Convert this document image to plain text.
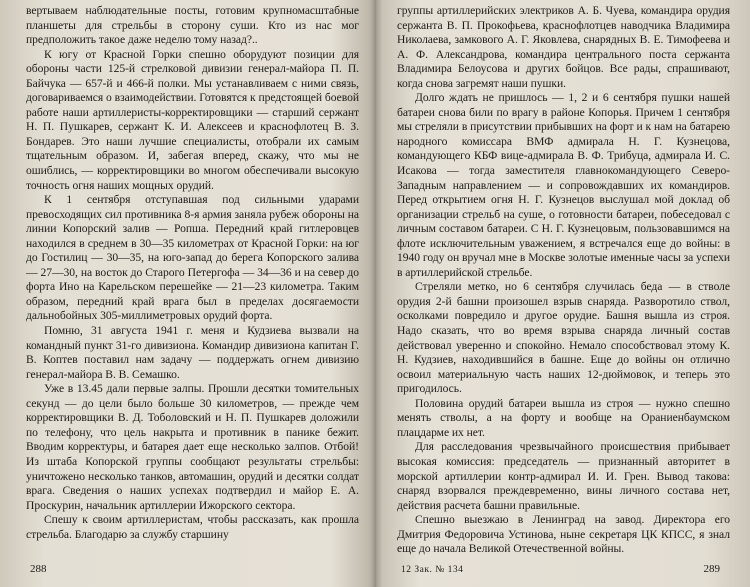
вертываем наблюдательные посты, готовим крупномасштабные планшеты для стрельбы в сторону суши. Кто из нас мог предположить такое даже неделю тому назад?..

К югу от Красной Горки спешно оборудуют позиции для обороны части 125-й стрелковой дивизии генерал-майора П. П. Байчука — 657-й и 466-й полки. Мы устанавливаем с ними связь, договариваемся о взаимодействии. Готовятся к предстоящей боевой работе наши артиллеристы-корректировщики — старший сержант Н. П. Пушкарев, сержант К. И. Алексеев и краснофлотец В. З. Бондарев. Это наши лучшие специалисты, отобрали их самым тщательным образом. И, забегая вперед, скажу, что мы не ошиблись, — корректировщики во многом обеспечивали высокую точность огня наших мощных орудий.

К 1 сентября отступавшая под сильными ударами превосходящих сил противника 8-я армия заняла рубеж обороны на линии Копорский залив — Ропша. Передний край гитлеровцев находился в среднем в 30—35 километрах от Красной Горки: на юг до Гостилиц — 30—35, на юго-запад до берега Копорского залива — 27—30, на восток до Старого Петергофа — 34—36 и на север до форта Ино на Карельском перешейке — 21—23 километра. Таким образом, передний край врага был в пределах досягаемости дальнобойных 305-миллиметровых орудий форта.

Помню, 31 августа 1941 г. меня и Кудзиева вызвали на командный пункт 31-го дивизиона. Командир дивизиона капитан Г. В. Коптев поставил нам задачу — поддержать огнем дивизию генерал-майора В. В. Семашко.

Уже в 13.45 дали первые залпы. Прошли десятки томительных секунд — до цели было больше 30 километров, — прежде чем корректировщики В. Д. Тоболовский и Н. П. Пушкарев доложили по телефону, что цель накрыта и противник в панике бежит. Вводим корректуры, и батарея дает еще несколько залпов. Отбой! Из штаба Копорской группы сообщают результаты стрельбы: уничтожено несколько танков, автомашин, орудий и десятки солдат врага. Сведения о наших успехах подтвердил и майор Е. А. Проскурин, начальник артиллерии Ижорского сектора.

Спешу к своим артиллеристам, чтобы рассказать, как прошла стрельба. Благодарю за службу старшину

288

группы артиллерийских электриков А. Б. Чуева, командира орудия сержанта В. П. Прокофьева, краснофлотцев наводчика Владимира Николаева, замкового А. Г. Яковлева, снарядных В. Е. Тимофеева и А. Ф. Александрова, командира центрального поста сержанта Владимира Белоусова и других бойцов. Все рады, спрашивают, когда снова загремят наши пушки.

Долго ждать не пришлось — 1, 2 и 6 сентября пушки нашей батареи снова били по врагу в районе Копорья. Причем 1 сентября мы стреляли в присутствии прибывших на форт и к нам на батарею народного комиссара ВМФ адмирала Н. Г. Кузнецова, командующего КБФ вице-адмирала В. Ф. Трибуца, адмирала И. С. Исакова — тогда заместителя главнокомандующего Северо-Западным направлением — и сопровождавших их командиров. Перед открытием огня Н. Г. Кузнецов выслушал мой доклад об организации стрельб на суше, о готовности батареи, побеседовал с личным составом батареи. С Н. Г. Кузнецовым, пользовавшимся на флоте исключительным уважением, я встречался еще до войны: в 1940 году он вручал мне в Москве золотые именные часы за успехи в артиллерийской стрельбе.

Стреляли метко, но 6 сентября случилась беда — в стволе орудия 2-й башни произошел взрыв снаряда. Разворотило ствол, осколками повредило и другое орудие. Башня вышла из строя. Надо сказать, что во время взрыва снаряда личный состав действовал уверенно и спокойно. Немало способствовал этому К. Н. Кудзиев, находившийся в башне. Еще до войны он отлично освоил материальную часть наших 12-дюймовок, и теперь это пригодилось.

Половина орудий батареи вышла из строя — нужно спешно менять стволы, а на форту и вообще на Ораниенбаумском плацдарме их нет.

Для расследования чрезвычайного происшествия прибывает высокая комиссия: председатель — признанный авторитет в морской артиллерии контр-адмирал И. И. Грен. Вывод такова: снаряд взорвался преждевременно, вины личного состава нет, действия расчета башни правильные.

Спешно выезжаю в Ленинград на завод. Директора его Дмитрия Федоровича Устинова, ныне секретаря ЦК КПСС, я знал еще до начала Великой Отечественной войны.

12 Зак. № 134	289
